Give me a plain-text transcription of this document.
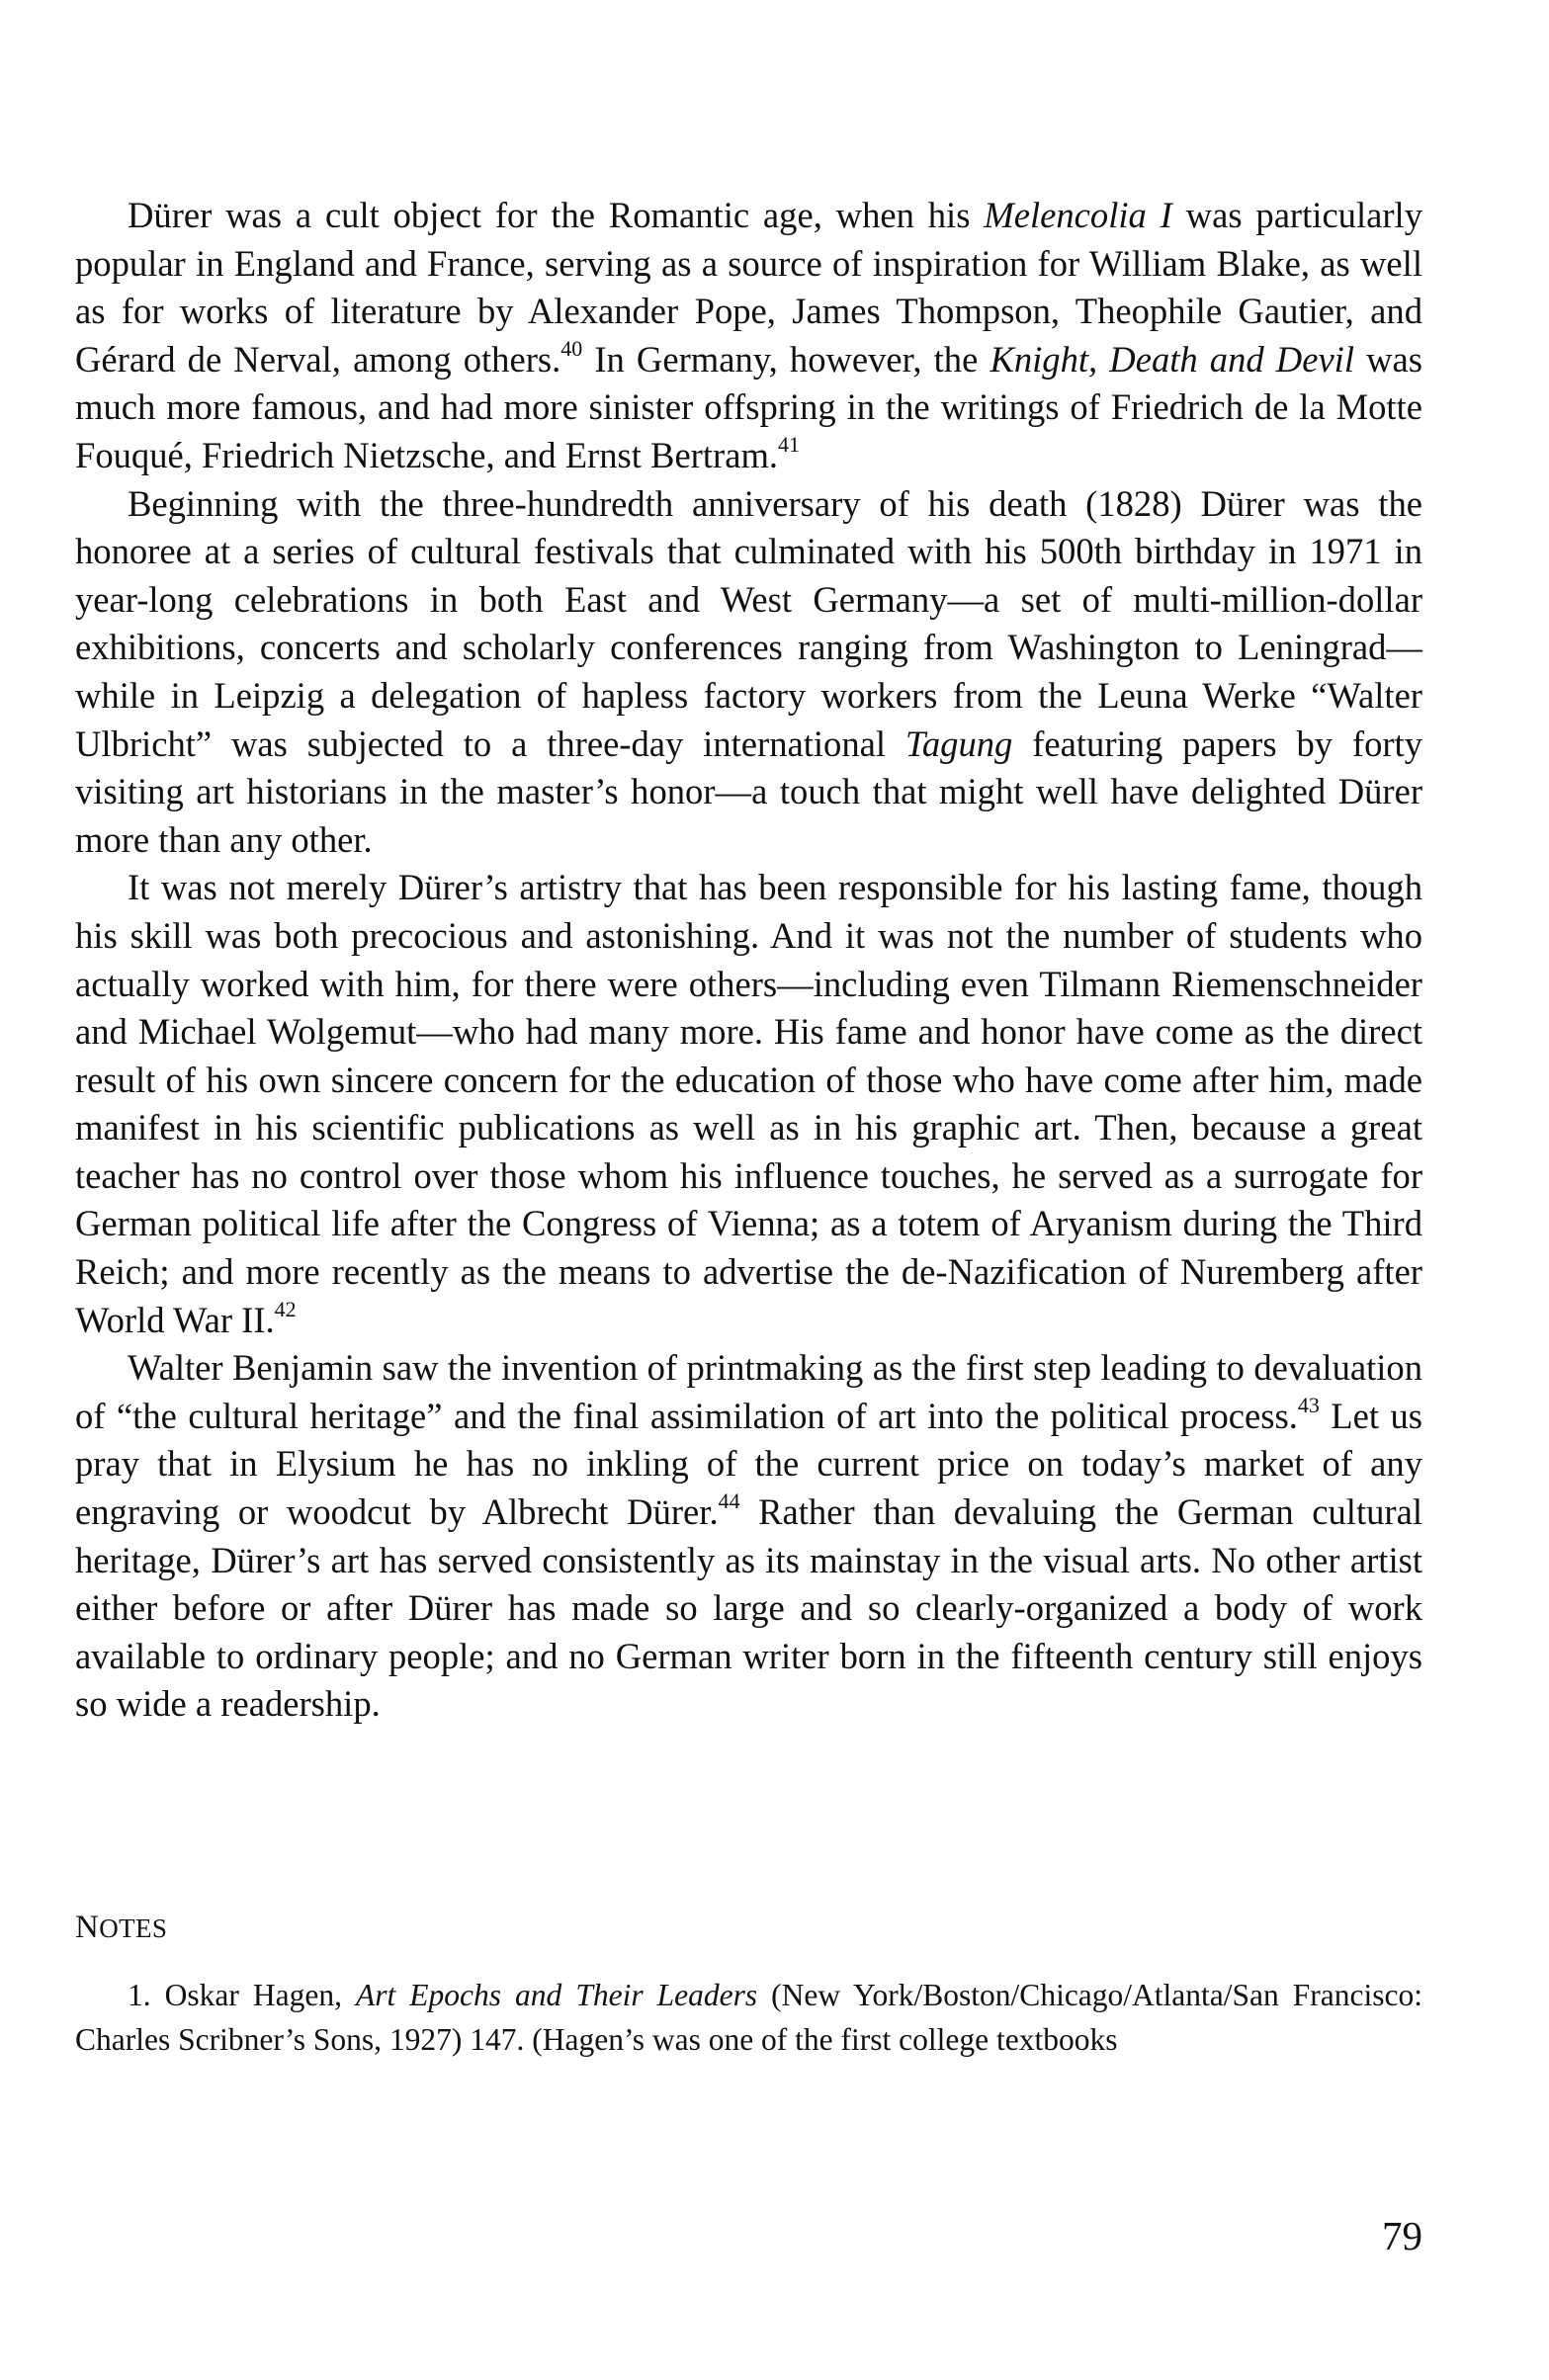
Dürer was a cult object for the Romantic age, when his Melencolia I was particularly popular in England and France, serving as a source of inspiration for William Blake, as well as for works of literature by Alexander Pope, James Thompson, Theophile Gautier, and Gérard de Nerval, among others.$^{40}$ In Germany, however, the Knight, Death and Devil was much more famous, and had more sinister offspring in the writings of Friedrich de la Motte Fouqué, Friedrich Nietzsche, and Ernst Bertram.$^{41}$

Beginning with the three-hundredth anniversary of his death (1828) Dürer was the honoree at a series of cultural festivals that culminated with his 500th birthday in 1971 in year-long celebrations in both East and West Germany—a set of multi-million-dollar exhibitions, concerts and scholarly conferences ranging from Washington to Leningrad—while in Leipzig a delegation of hapless factory workers from the Leuna Werke “Walter Ulbricht” was subjected to a three-day international Tagung featuring papers by forty visiting art historians in the master’s honor—a touch that might well have delighted Dürer more than any other.

It was not merely Dürer’s artistry that has been responsible for his lasting fame, though his skill was both precocious and astonishing. And it was not the number of students who actually worked with him, for there were others—including even Tilmann Riemenschneider and Michael Wolgemut—who had many more. His fame and honor have come as the direct result of his own sincere concern for the education of those who have come after him, made manifest in his scientific publications as well as in his graphic art. Then, because a great teacher has no control over those whom his influence touches, he served as a surrogate for German political life after the Congress of Vienna; as a totem of Aryanism during the Third Reich; and more recently as the means to advertise the de-Nazification of Nuremberg after World War II.$^{42}$

Walter Benjamin saw the invention of printmaking as the first step leading to devaluation of “the cultural heritage” and the final assimilation of art into the political process.$^{43}$ Let us pray that in Elysium he has no inkling of the current price on today’s market of any engraving or woodcut by Albrecht Dürer.$^{44}$ Rather than devaluing the German cultural heritage, Dürer’s art has served consistently as its mainstay in the visual arts. No other artist either before or after Dürer has made so large and so clearly-organized a body of work available to ordinary people; and no German writer born in the fifteenth century still enjoys so wide a readership.

NOTES
1. Oskar Hagen, Art Epochs and Their Leaders (New York/Boston/Chicago/Atlanta/San Francisco: Charles Scribner’s Sons, 1927) 147. (Hagen’s was one of the first college textbooks
79
